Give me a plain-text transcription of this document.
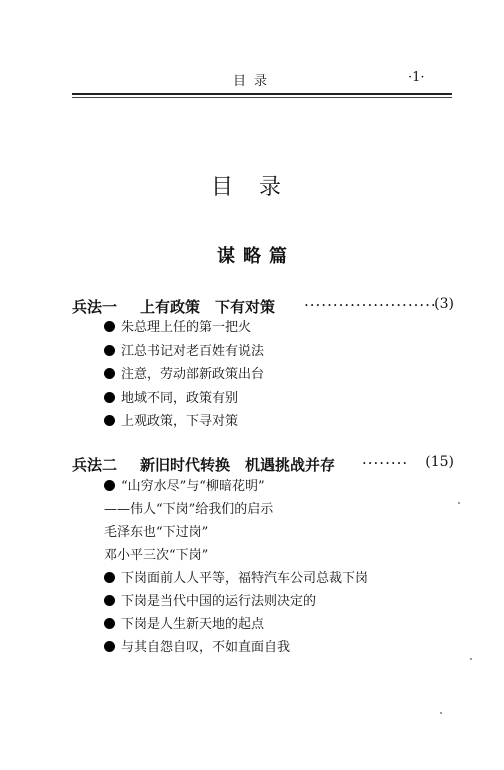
目录	·1·
目录
谋略篇
兵法一 上有政策　下有对策 ·······················
(3)
朱总理上任的第一把火
江总书记对老百姓有说法
注意，劳动部新政策出台
地域不同，政策有别
上观政策，下寻对策
兵法二 新旧时代转换　机遇挑战并存 ········ (15)
“山穷水尽”与“柳暗花明”
——伟人“下岗”给我们的启示
毛泽东也“下过岗”
邓小平三次“下岗”
下岗面前人人平等，福特汽车公司总裁下岗
下岗是当代中国的运行法则决定的
下岗是人生新天地的起点
与其自怨自叹，不如直面自我
